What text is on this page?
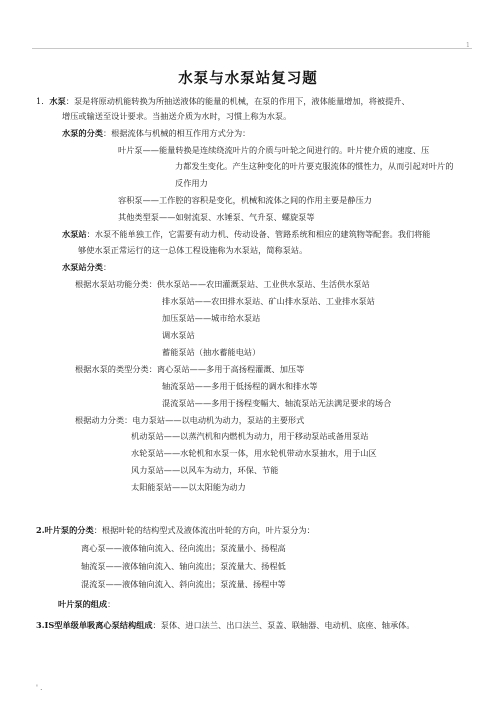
1
水泵与水泵站复习题
1．水泵：泵是将原动机能转换为所抽送液体的能量的机械，在泵的作用下，液体能量增加，将被提升、
增压或输送至设计要求。当抽送介质为水时，习惯上称为水泵。
水泵的分类：根据流体与机械的相互作用方式分为：
叶片泵——能量转换是连续绕流叶片的介质与叶轮之间进行的。叶片使介质的速度、压
力都发生变化。产生这种变化的叶片要克服流体的惯性力，从而引起对叶片的
反作用力
容积泵——工作腔的容积是变化，机械和流体之间的作用主要是静压力
其他类型泵——如射流泵、水锤泵、气升泵、螺旋泵等
水泵站：水泵不能单独工作，它需要有动力机、传动设备、管路系统和相应的建筑物等配套。我们将能
够使水泵正常运行的这一总体工程设施称为水泵站，简称泵站。
水泵站分类：
根据水泵站功能分类：供水泵站——农田灌溉泵站、工业供水泵站、生活供水泵站
排水泵站——农田排水泵站、矿山排水泵站、工业排水泵站
加压泵站——城市给水泵站
调水泵站
蓄能泵站（抽水蓄能电站）
根据水泵的类型分类：离心泵站——多用于高扬程灌溉、加压等
轴流泵站——多用于低扬程的调水和排水等
混流泵站——多用于扬程变幅大、轴流泵站无法满足要求的场合
根据动力分类：电力泵站——以电动机为动力，泵站的主要形式
机动泵站——以蒸汽机和内燃机为动力，用于移动泵站或备用泵站
水轮泵站——水轮机和水泵一体，用水轮机带动水泵抽水，用于山区
风力泵站——以风车为动力，环保、节能
太阳能泵站——以太阳能为动力
2.叶片泵的分类：根据叶轮的结构型式及液体流出叶轮的方向，叶片泵分为：
离心泵——液体轴向流入、径向流出；泵流量小、扬程高
轴流泵——液体轴向流入、轴向流出；泵流量大、扬程低
混流泵——液体轴向流入、斜向流出；泵流量、扬程中等
叶片泵的组成：
3.IS型单级单吸离心泵结构组成：泵体、进口法兰、出口法兰、泵盖、联轴器、电动机、底座、轴承体。
' .
